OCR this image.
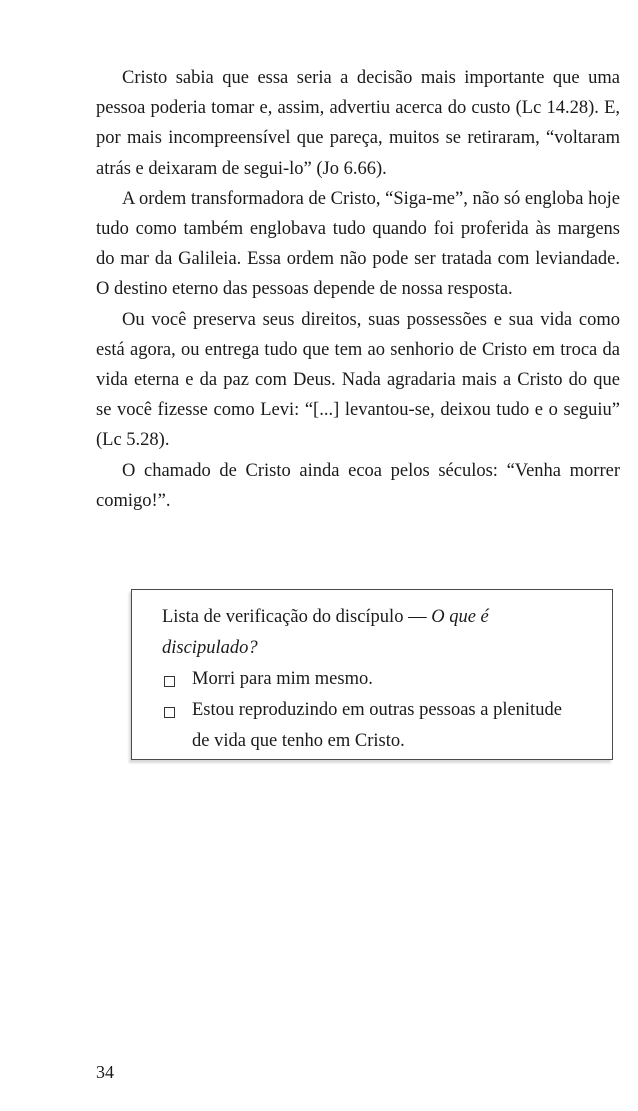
Cristo sabia que essa seria a decisão mais importante que uma pessoa poderia tomar e, assim, advertiu acerca do custo (Lc 14.28). E, por mais incompreensível que pareça, muitos se retiraram, “voltaram atrás e deixaram de segui-lo” (Jo 6.66).

A ordem transformadora de Cristo, “Siga-me”, não só engloba hoje tudo como também englobava tudo quando foi proferida às margens do mar da Galileia. Essa ordem não pode ser tratada com leviandade. O destino eterno das pessoas depende de nossa resposta.

Ou você preserva seus direitos, suas possessões e sua vida como está agora, ou entrega tudo que tem ao senhorio de Cristo em troca da vida eterna e da paz com Deus. Nada agradaria mais a Cristo do que se você fizesse como Levi: “[...] levantou-se, deixou tudo e o seguiu” (Lc 5.28).

O chamado de Cristo ainda ecoa pelos séculos: “Venha morrer comigo!”.

Lista de verificação do discípulo — O que é discipulado?

Morri para mim mesmo.
Estou reproduzindo em outras pessoas a plenitude de vida que tenho em Cristo.

34
